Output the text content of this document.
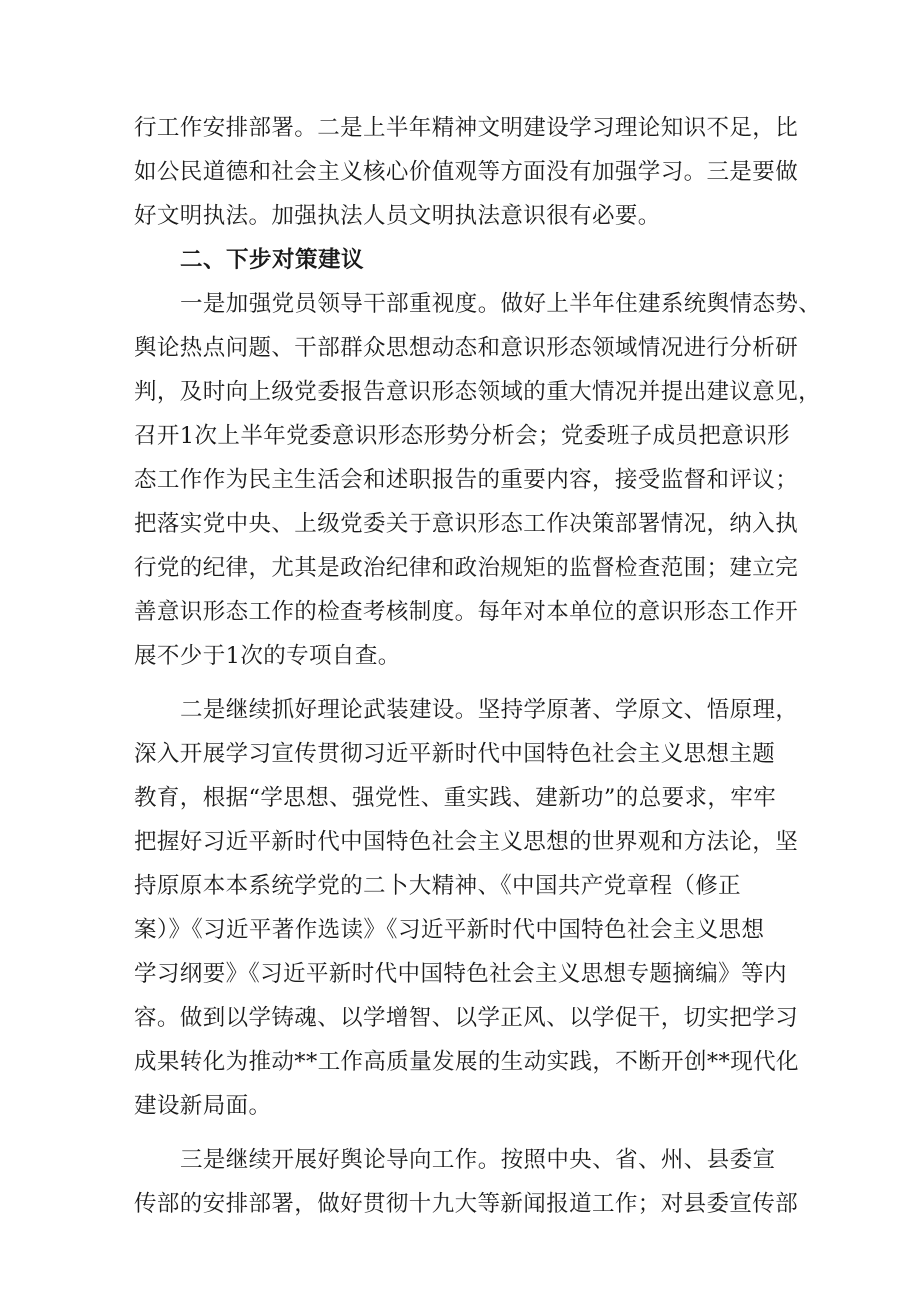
行工作安排部署。二是上半年精神文明建设学习理论知识不足，比

如公民道德和社会主义核心价值观等方面没有加强学习。三是要做

好文明执法。加强执法人员文明执法意识很有必要。

二、下步对策建议

一是加强党员领导干部重视度。做好上半年住建系统舆情态势、

舆论热点问题、干部群众思想动态和意识形态领域情况进行分析研

判，及时向上级党委报告意识形态领域的重大情况并提出建议意见，

召开1次上半年党委意识形态形势分析会；党委班子成员把意识形

态工作作为民主生活会和述职报告的重要内容，接受监督和评议；

把落实党中央、上级党委关于意识形态工作决策部署情况，纳入执

行党的纪律，尤其是政治纪律和政治规矩的监督检查范围；建立完

善意识形态工作的检查考核制度。每年对本单位的意识形态工作开

展不少于1次的专项自查。

二是继续抓好理论武装建设。坚持学原著、学原文、悟原理，

深入开展学习宣传贯彻习近平新时代中国特色社会主义思想主题

教育，根据“学思想、强党性、重实践、建新功”的总要求，牢牢

把握好习近平新时代中国特色社会主义思想的世界观和方法论，坚

持原原本本系统学党的二卜大精神、《中国共产党章程（修正

案）》《习近平著作选读》《习近平新时代中国特色社会主义思想

学习纲要》《习近平新时代中国特色社会主义思想专题摘编》等内

容。做到以学铸魂、以学增智、以学正风、以学促干，切实把学习

成果转化为推动**工作高质量发展的生动实践，不断开创**现代化

建设新局面。

三是继续开展好舆论导向工作。按照中央、省、州、县委宣

传部的安排部署，做好贯彻十九大等新闻报道工作；对县委宣传部
